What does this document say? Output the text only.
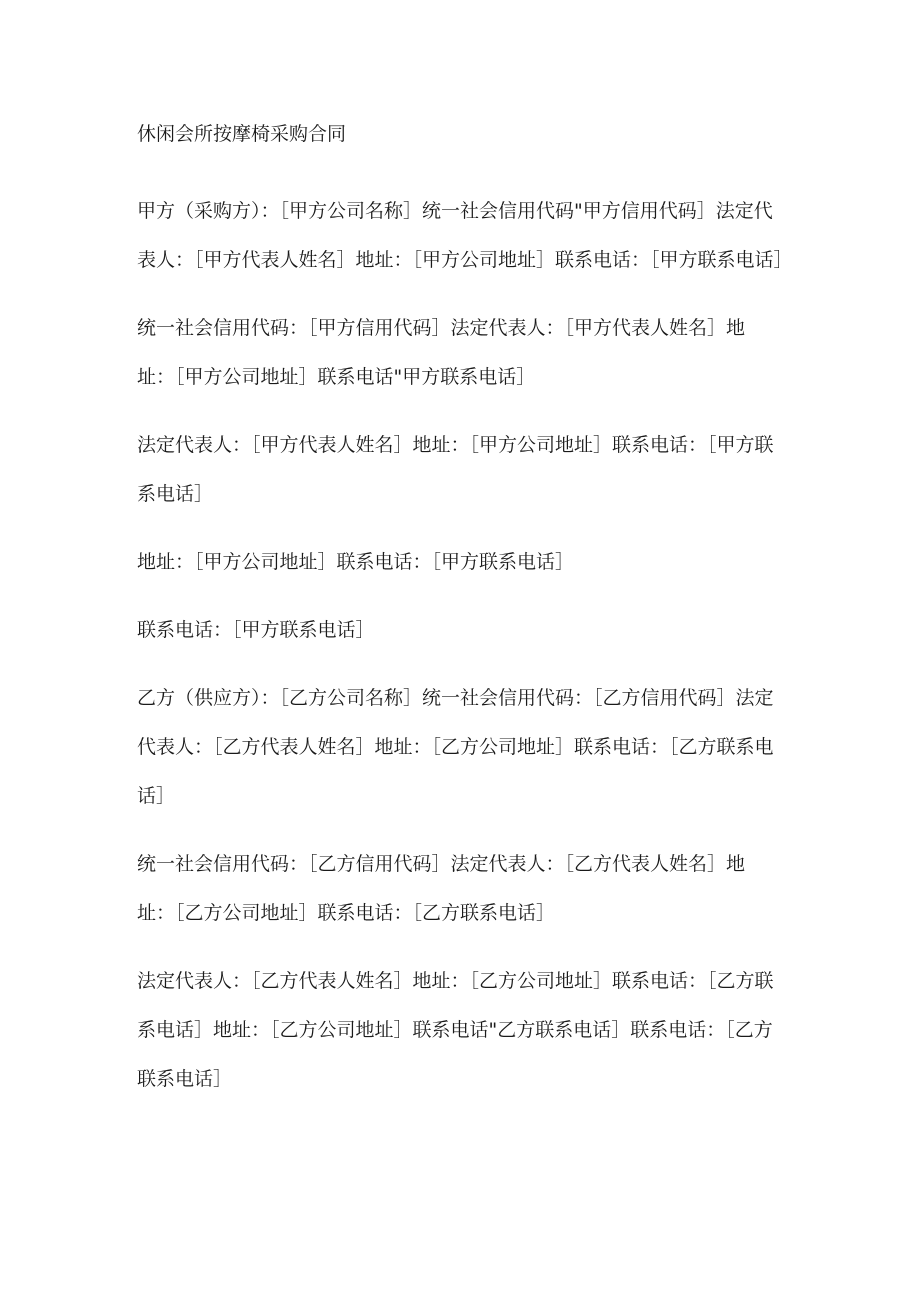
休闲会所按摩椅采购合同

甲方（采购方）：［甲方公司名称］统一社会信用代码"甲方信用代码］法定代表人：［甲方代表人姓名］地址：［甲方公司地址］联系电话：［甲方联系电话］

统一社会信用代码：［甲方信用代码］法定代表人：［甲方代表人姓名］地址：［甲方公司地址］联系电话"甲方联系电话］

法定代表人：［甲方代表人姓名］地址：［甲方公司地址］联系电话：［甲方联系电话］

地址：［甲方公司地址］联系电话：［甲方联系电话］

联系电话：［甲方联系电话］

乙方（供应方）：［乙方公司名称］统一社会信用代码：［乙方信用代码］法定代表人：［乙方代表人姓名］地址：［乙方公司地址］联系电话：［乙方联系电话］

统一社会信用代码：［乙方信用代码］法定代表人：［乙方代表人姓名］地址：［乙方公司地址］联系电话：［乙方联系电话］

法定代表人：［乙方代表人姓名］地址：［乙方公司地址］联系电话：［乙方联系电话］地址：［乙方公司地址］联系电话"乙方联系电话］联系电话：［乙方联系电话］
